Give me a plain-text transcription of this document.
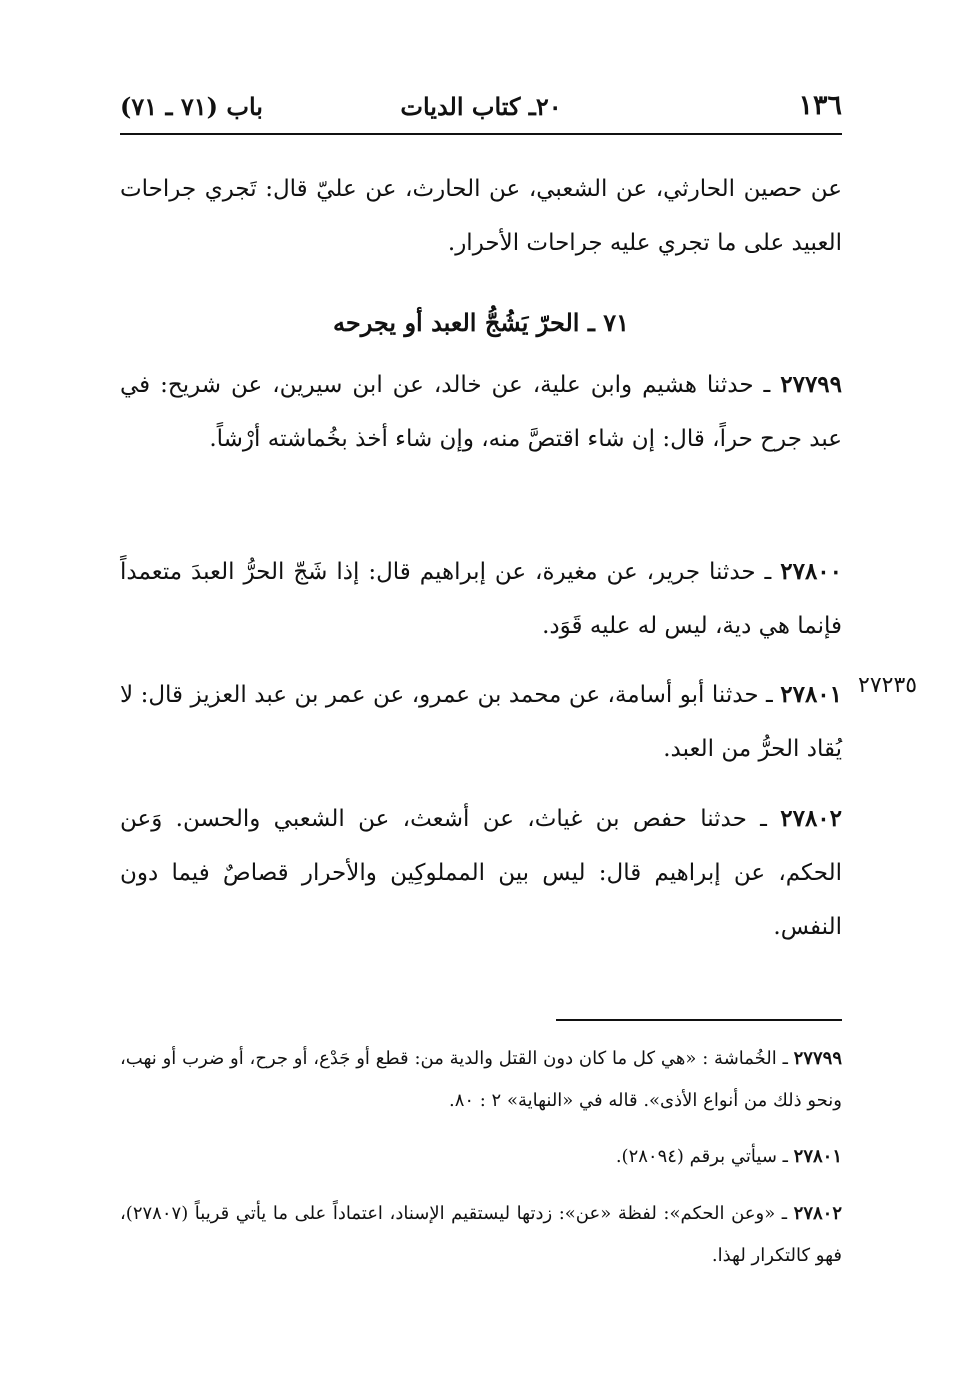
١٣٦
٢٠ـ كتاب الديات
باب (٧١ ـ ٧١)
عن حصين الحارثي، عن الشعبي، عن الحارث، عن عليّ قال: تَجري جراحات العبيد على ما تجري عليه جراحات الأحرار.
٧١ ـ الحرّ يَشُجُّ العبد أو يجرحه
٢٧٧٩٩ ـ حدثنا هشيم وابن علية، عن خالد، عن ابن سيرين، عن شريح: في عبد جرح حراً، قال: إن شاء اقتصَّ منه، وإن شاء أخذ بخُماشته أرْشاً.
٢٧٨٠٠ ـ حدثنا جرير، عن مغيرة، عن إبراهيم قال: إذا شَجّ الحرُّ العبدَ متعمداً فإنما هي دية، ليس له عليه قَوَد.
٢٧٢٣٥
٢٧٨٠١ ـ حدثنا أبو أسامة، عن محمد بن عمرو، عن عمر بن عبد العزيز قال: لا يُقاد الحرُّ من العبد.
٢٧٨٠٢ ـ حدثنا حفص بن غياث، عن أشعث، عن الشعبي والحسن. وَعن الحكم، عن إبراهيم قال: ليس بين المملوكِين والأحرار قصاصٌ فيما دون النفس.
٢٧٧٩٩ ـ الخُماشة : «هي كل ما كان دون القتل والدية من: قطع أو جَدْع، أو جرح، أو ضرب أو نهب، ونحو ذلك من أنواع الأذى». قاله في «النهاية» ٢ : ٨٠.
٢٧٨٠١ ـ سيأتي برقم (٢٨٠٩٤).
٢٧٨٠٢ ـ «وعن الحكم»: لفظة «عن»: زدتها ليستقيم الإسناد، اعتماداً على ما يأتي قريباً (٢٧٨٠٧)، فهو كالتكرار لهذا.
